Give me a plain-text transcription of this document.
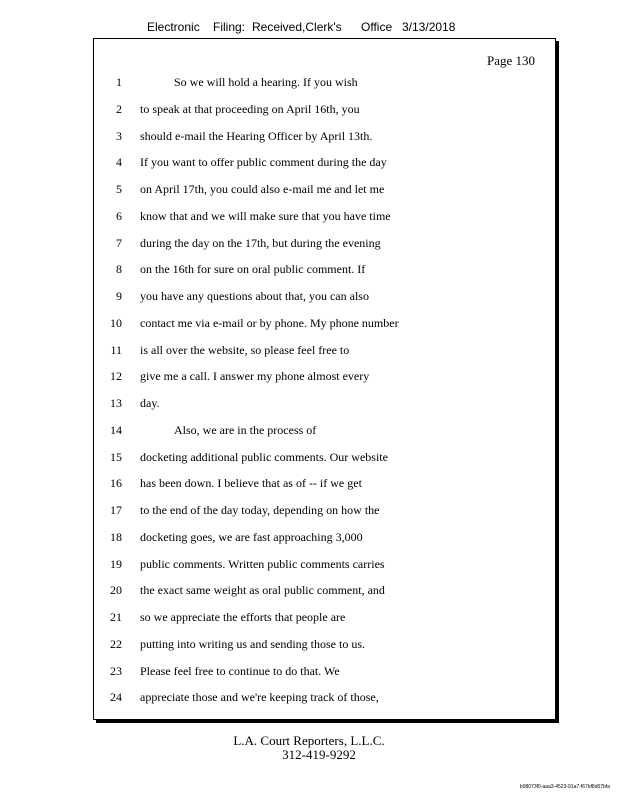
Electronic Filing: Received,Clerk's Office 3/13/2018
Page 130
1	So we will hold a hearing. If you wish
2 to speak at that proceeding on April 16th, you
3 should e-mail the Hearing Officer by April 13th.
4 If you want to offer public comment during the day
5 on April 17th, you could also e-mail me and let me
6 know that and we will make sure that you have time
7 during the day on the 17th, but during the evening
8 on the 16th for sure on oral public comment. If
9 you have any questions about that, you can also
10 contact me via e-mail or by phone. My phone number
11 is all over the website, so please feel free to
12 give me a call. I answer my phone almost every
13 day.
14	Also, we are in the process of
15 docketing additional public comments. Our website
16 has been down. I believe that as of -- if we get
17 to the end of the day today, depending on how the
18 docketing goes, we are fast approaching 3,000
19 public comments. Written public comments carries
20 the exact same weight as oral public comment, and
21 so we appreciate the efforts that people are
22 putting into writing us and sending those to us.
23 Please feel free to continue to do that. We
24 appreciate those and we're keeping track of those,
L.A. Court Reporters, L.L.C.
312-419-9292
b98073f0-aaa3-4523-91a7-f67bf8d07bfa
